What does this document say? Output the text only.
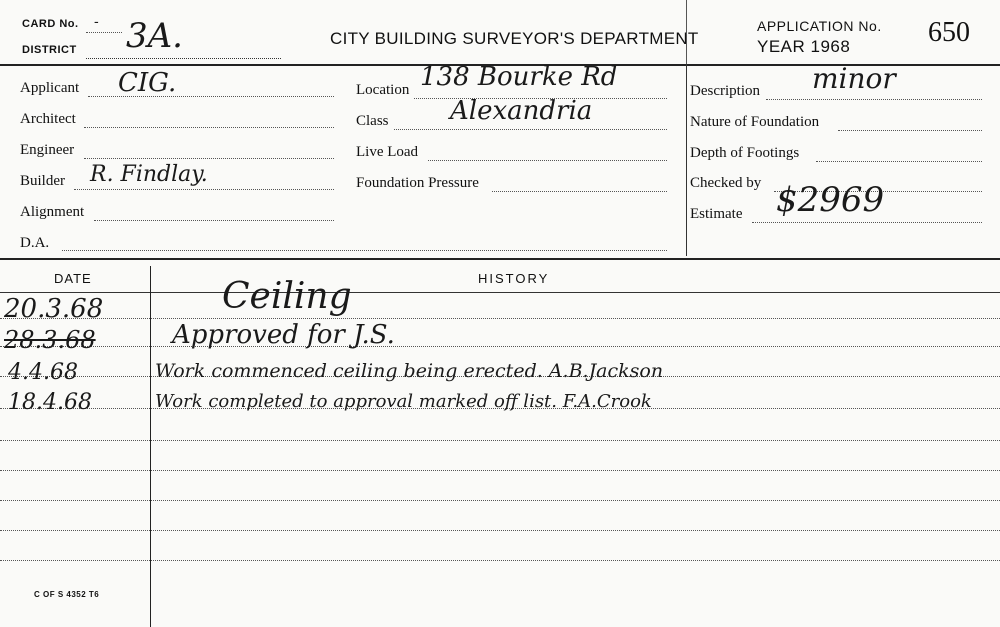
CARD No. -
DISTRICT 3A.	CITY BUILDING SURVEYOR'S DEPARTMENT
APPLICATION No.
YEAR 1968	650
Applicant CIG.
Architect
Engineer
Builder R. Findlay.
Alignment
D.A.
Location 138 Bourke Rd
Class Alexandria
Live Load
Foundation Pressure
Description minor
Nature of Foundation
Depth of Footings
Checked by
Estimate $2969
DATE	HISTORY
20.3.68	Ceiling
28.3.68	Approved for J.S.
4.4.68	Work commenced ceiling being erected. A.B.Jackson
18.4.68	Work completed to approval marked off list. F.A.Crook
C OF S 4352 T6
